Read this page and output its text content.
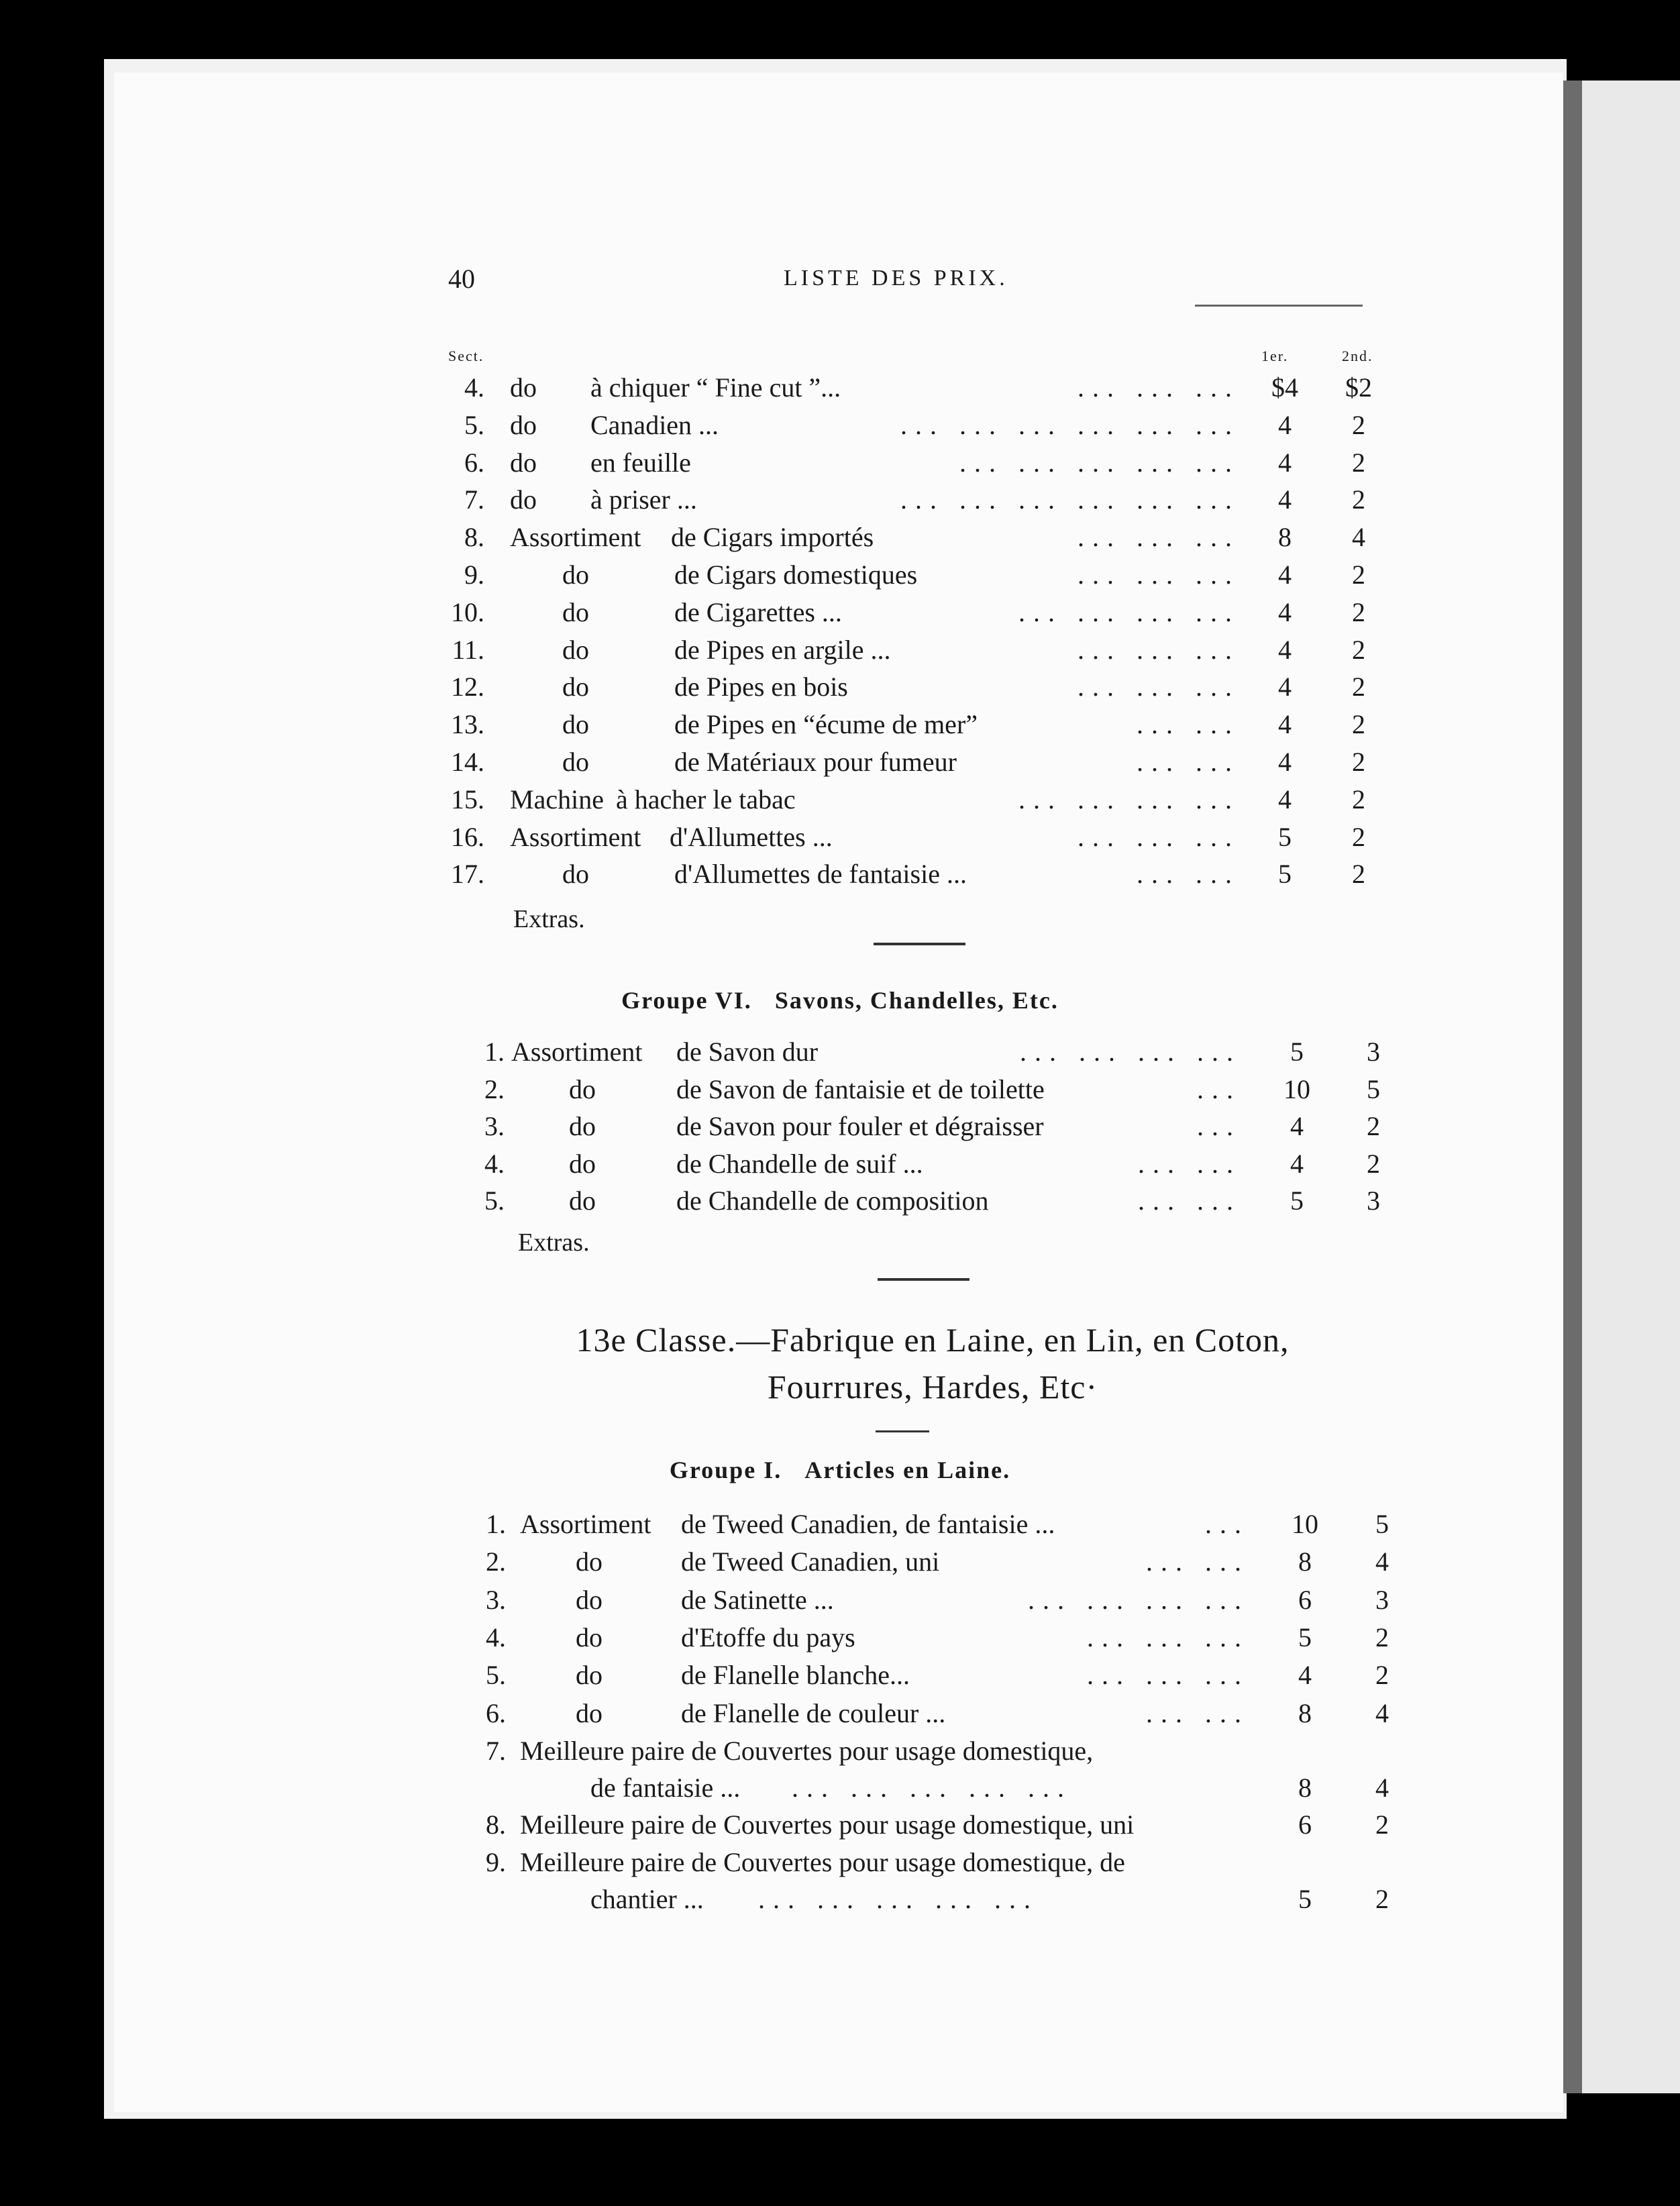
40	LISTE DES PRIX.
Sect.	1er.	2nd.
4. do à chiquer “ Fine cut ”...	... ... ...	$4	$2
5. do Canadien ...	... ... ... ... ... ...	4	2
6. do en feuille	... ... ... ... ...	4	2
7. do à priser ...	... ... ... ... ... ...	4	2
8. Assortiment de Cigars importés	... ... ...	8	4
9.	do	de Cigars domestiques	... ... ...	4	2
10.	do	de Cigarettes ...	... ... ... ...	4	2
11.	do	de Pipes en argile ...	... ... ...	4	2
12.	do	de Pipes en bois	... ... ...	4	2
13.	do	de Pipes en “écume de mer”	... ...	4	2
14.	do	de Matériaux pour fumeur	... ...	4	2
15. Machine à hacher le tabac	... ... ... ...	4	2
16. Assortiment d'Allumettes ...	... ... ...	5	2
17.	do	d'Allumettes de fantaisie ...	... ...	5	2
Extras.
Groupe VI. Savons, Chandelles, Etc.
1. Assortiment de Savon dur	... ... ... ...	5	3
2. do	de Savon de fantaisie et de toilette	...	10	5
3. do	de Savon pour fouler et dégraisser	...	4	2
4. do	de Chandelle de suif ...	... ...	4	2
5. do	de Chandelle de composition	... ...	5	3
Extras.
13e Classe.—Fabrique en Laine, en Lin, en Coton,
Fourrures, Hardes, Etc·
Groupe I. Articles en Laine.
1. Assortiment de Tweed Canadien, de fantaisie ...	...	10	5
2.	do	de Tweed Canadien, uni	... ...	8	4
3.	do	de Satinette ...	... ... ... ...	6	3
4.	do	d'Etoffe du pays	... ... ...	5	2
5.	do	de Flanelle blanche...	... ... ...	4	2
6.	do	de Flanelle de couleur ...	... ...	8	4
7. Meilleure paire de Couvertes pour usage domestique,
de fantaisie ... ... ... ... ... ...	8	4
8. Meilleure paire de Couvertes pour usage domestique, uni	6	2
9. Meilleure paire de Couvertes pour usage domestique, de
chantier ... ... ... ... ... ...	5	2
